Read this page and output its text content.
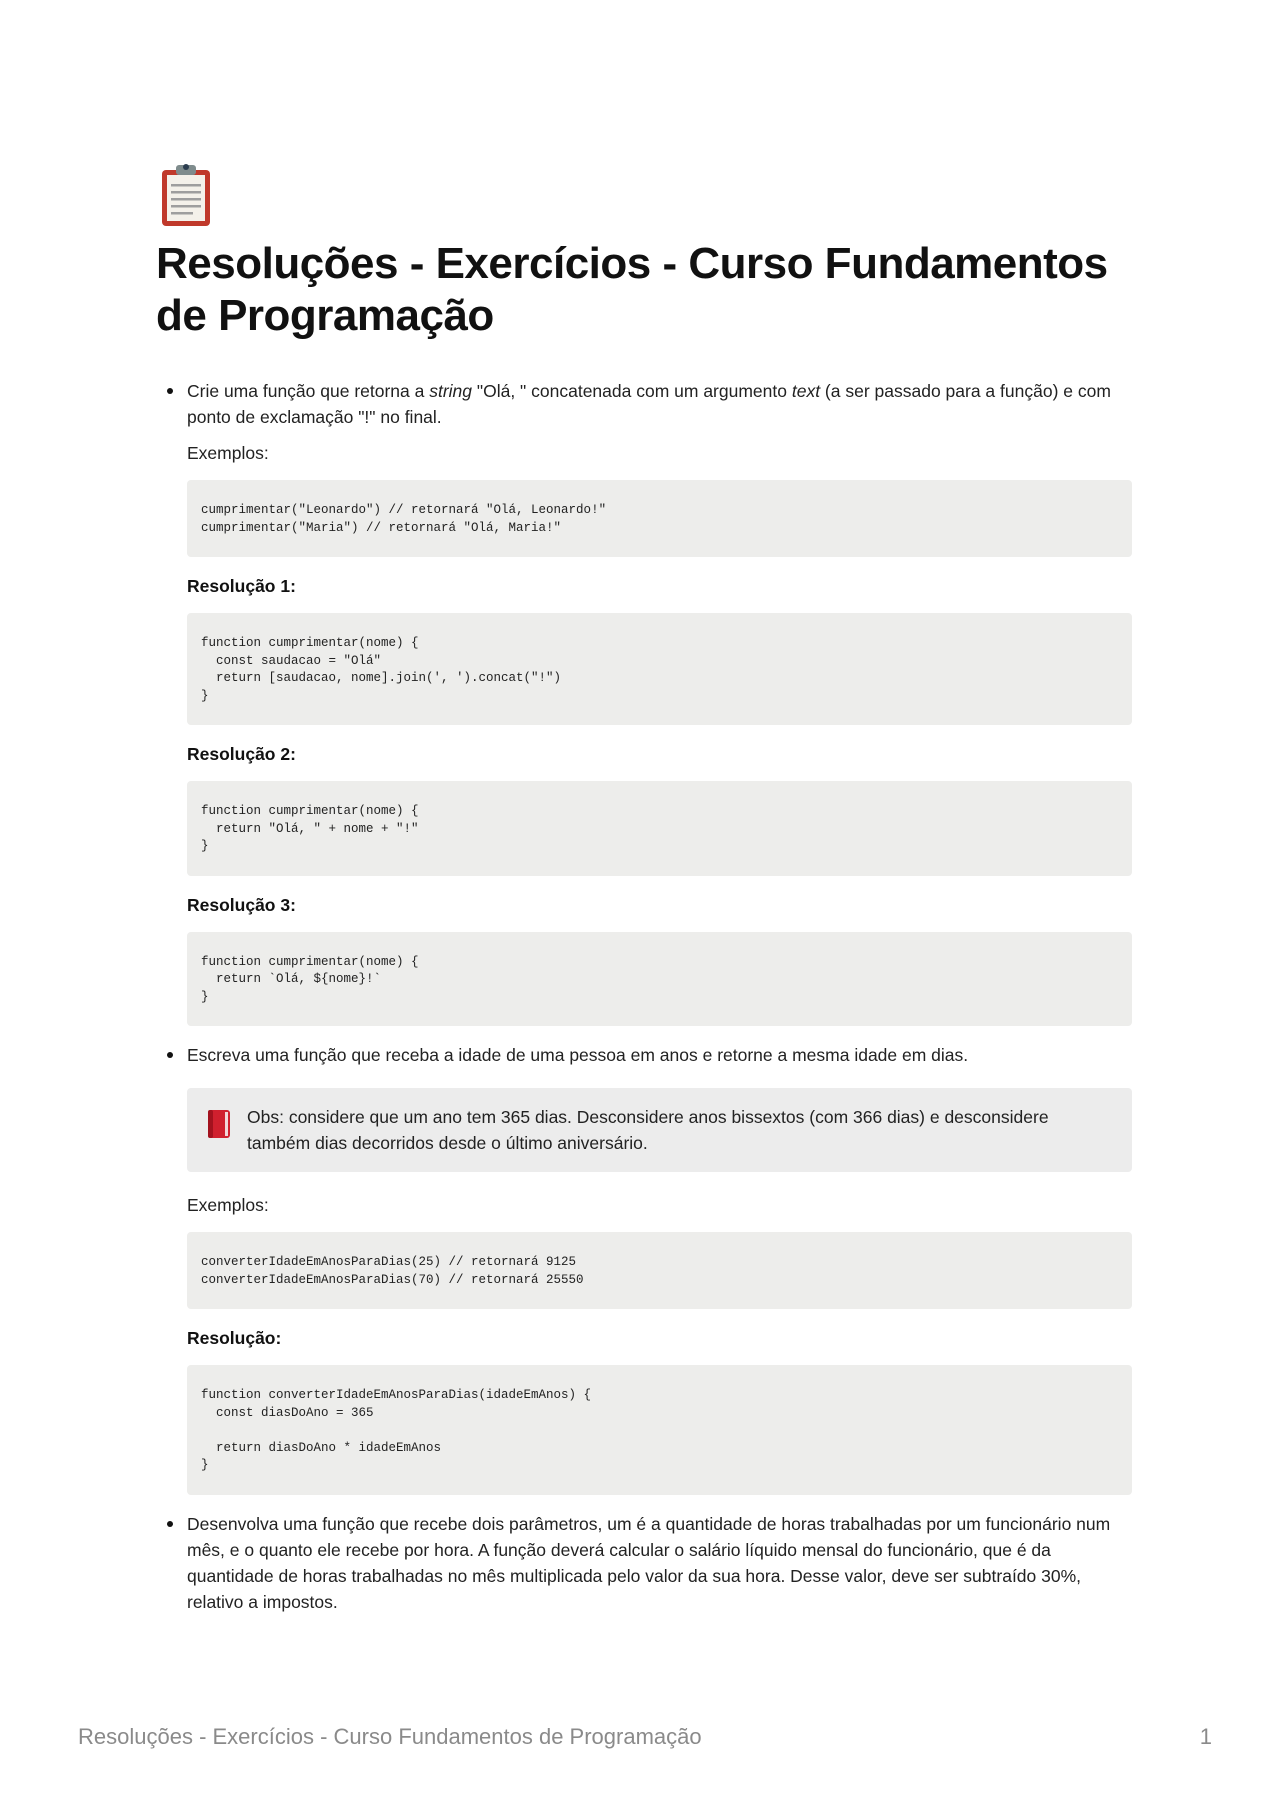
Resoluções - Exercícios - Curso Fundamentos de Programação

Crie uma função que retorna a string "Olá, " concatenada com um argumento text (a ser passado para a função) e com ponto de exclamação "!" no final.

Exemplos:

cumprimentar("Leonardo") // retornará "Olá, Leonardo!"
cumprimentar("Maria") // retornará "Olá, Maria!"

Resolução 1:

function cumprimentar(nome) {
const saudacao = "Olá"
return [saudacao, nome].join(', ').concat("!")
}

Resolução 2:

function cumprimentar(nome) {
return "Olá, " + nome + "!"
}

Resolução 3:

function cumprimentar(nome) {
return `Olá, ${nome}!`
}

Escreva uma função que receba a idade de uma pessoa em anos e retorne a mesma idade em dias.

Obs: considere que um ano tem 365 dias. Desconsidere anos bissextos (com 366 dias) e desconsidere também dias decorridos desde o último aniversário.

Exemplos:

converterIdadeEmAnosParaDias(25) // retornará 9125
converterIdadeEmAnosParaDias(70) // retornará 25550

Resolução:

function converterIdadeEmAnosParaDias(idadeEmAnos) {
const diasDoAno = 365

return diasDoAno * idadeEmAnos
}

Desenvolva uma função que recebe dois parâmetros, um é a quantidade de horas trabalhadas por um funcionário num mês, e o quanto ele recebe por hora. A função deverá calcular o salário líquido mensal do funcionário, que é da quantidade de horas trabalhadas no mês multiplicada pelo valor da sua hora. Desse valor, deve ser subtraído 30%, relativo a impostos.

Resoluções - Exercícios - Curso Fundamentos de Programação	1
